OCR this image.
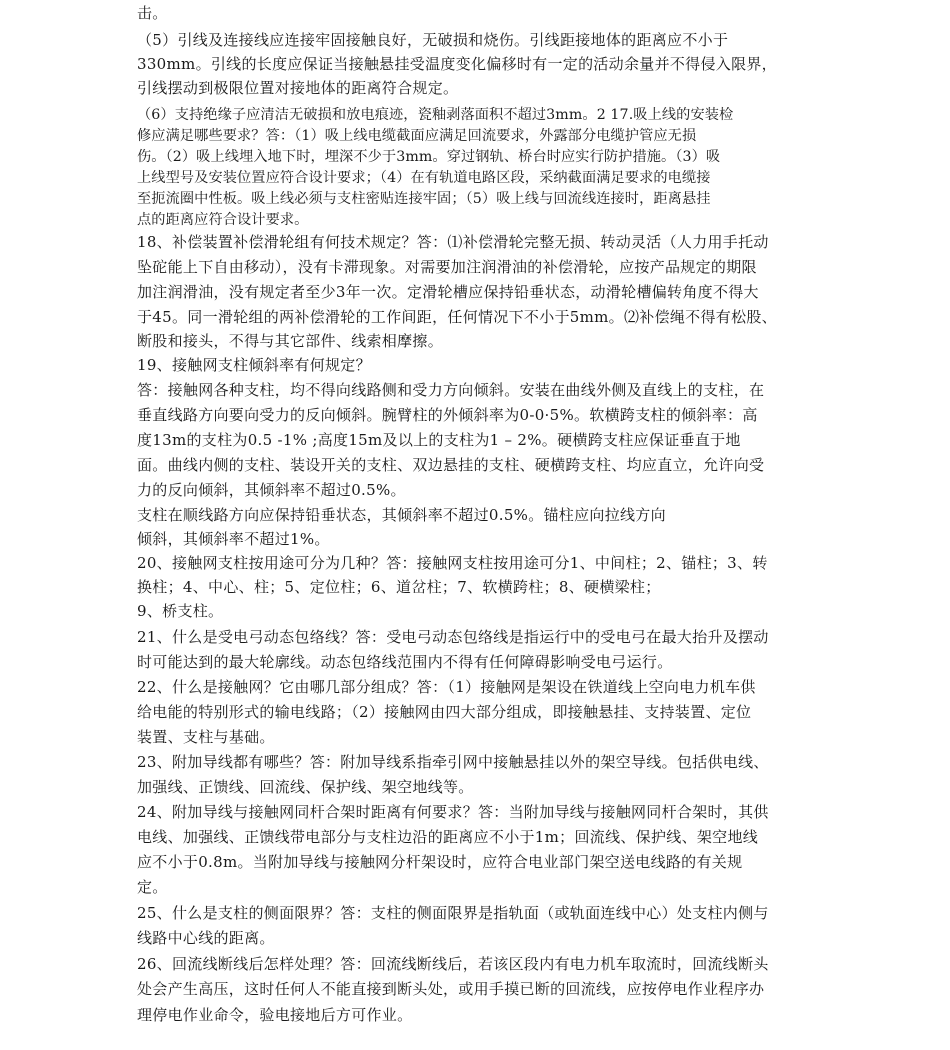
击。
（5）引线及连接线应连接牢固接触良好，无破损和烧伤。引线距接地体的距离应不小于
330mm。引线的长度应保证当接触悬挂受温度变化偏移时有一定的活动余量并不得侵入限界，
引线摆动到极限位置对接地体的距离符合规定。
（6）支持绝缘子应清洁无破损和放电痕迹，瓷釉剥落面积不超过3mm。2 17.吸上线的安装检
修应满足哪些要求？答：（1）吸上线电缆截面应满足回流要求，外露部分电缆护管应无损
伤。（2）吸上线埋入地下时，埋深不少于3mm。穿过钢轨、桥台时应实行防护措施。（3）吸
上线型号及安装位置应符合设计要求；（4）在有轨道电路区段，采纳截面满足要求的电缆接
至扼流圈中性板。吸上线必须与支柱密贴连接牢固；（5）吸上线与回流线连接时，距离悬挂
点的距离应符合设计要求。
18、补偿装置补偿滑轮组有何技术规定？答：⑴补偿滑轮完整无损、转动灵活（人力用手托动
坠砣能上下自由移动），没有卡滞现象。对需要加注润滑油的补偿滑轮，应按产品规定的期限
加注润滑油，没有规定者至少3年一次。定滑轮槽应保持铅垂状态，动滑轮槽偏转角度不得大
于45。同一滑轮组的两补偿滑轮的工作间距，任何情况下不小于5mm。⑵补偿绳不得有松股、
断股和接头，不得与其它部件、线索相摩擦。
19、接触网支柱倾斜率有何规定？
答：接触网各种支柱，均不得向线路侧和受力方向倾斜。安装在曲线外侧及直线上的支柱，在
垂直线路方向要向受力的反向倾斜。腕臂柱的外倾斜率为0-0·5%。软横跨支柱的倾斜率：高
度13m的支柱为0.5 -1% ;高度15m及以上的支柱为1 – 2%。硬横跨支柱应保证垂直于地
面。曲线内侧的支柱、装设开关的支柱、双边悬挂的支柱、硬横跨支柱、均应直立，允许向受
力的反向倾斜，其倾斜率不超过0.5%。
支柱在顺线路方向应保持铅垂状态，其倾斜率不超过0.5%。锚柱应向拉线方向
倾斜，其倾斜率不超过1%。
20、接触网支柱按用途可分为几种？答：接触网支柱按用途可分1、中间柱；2、锚柱；3、转
换柱；4、中心、柱；5、定位柱；6、道岔柱；7、软横跨柱；8、硬横梁柱；
9、桥支柱。
21、什么是受电弓动态包络线？答：受电弓动态包络线是指运行中的受电弓在最大抬升及摆动
时可能达到的最大轮廓线。动态包络线范围内不得有任何障碍影响受电弓运行。
22、什么是接触网？它由哪几部分组成？答：（1）接触网是架设在铁道线上空向电力机车供
给电能的特别形式的输电线路；（2）接触网由四大部分组成，即接触悬挂、支持装置、定位
装置、支柱与基础。
23、附加导线都有哪些？答：附加导线系指牵引网中接触悬挂以外的架空导线。包括供电线、
加强线、正馈线、回流线、保护线、架空地线等。
24、附加导线与接触网同杆合架时距离有何要求？答：当附加导线与接触网同杆合架时，其供
电线、加强线、正馈线带电部分与支柱边沿的距离应不小于1m；回流线、保护线、架空地线
应不小于0.8m。当附加导线与接触网分杆架设时，应符合电业部门架空送电线路的有关规
定。
25、什么是支柱的侧面限界？答：支柱的侧面限界是指轨面（或轨面连线中心）处支柱内侧与
线路中心线的距离。
26、回流线断线后怎样处理？答：回流线断线后，若该区段内有电力机车取流时，回流线断头
处会产生高压，这时任何人不能直接到断头处，或用手摸已断的回流线，应按停电作业程序办
理停电作业命令，验电接地后方可作业。
